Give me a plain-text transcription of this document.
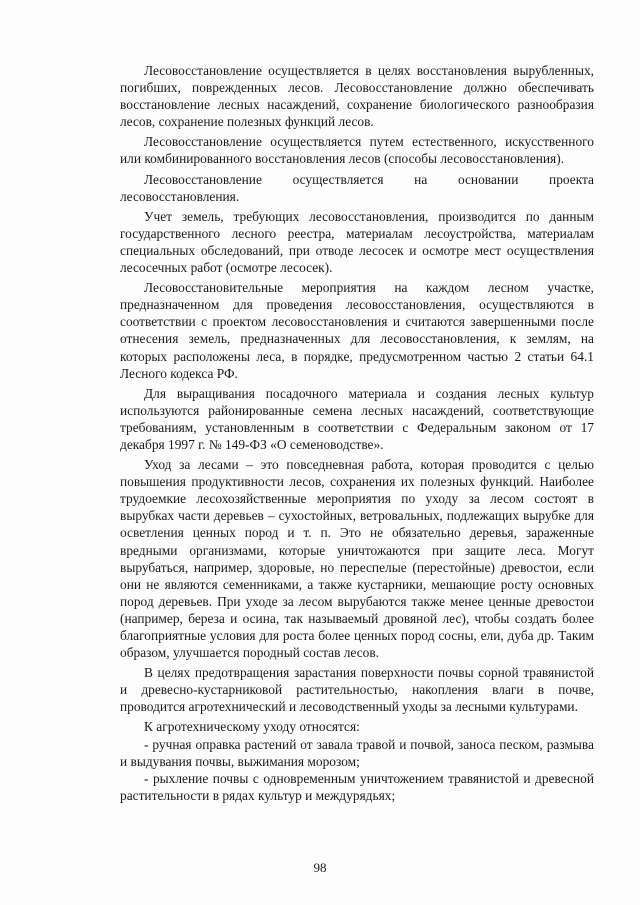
Лесовосстановление осуществляется в целях восстановления вырубленных, погибших, поврежденных лесов. Лесовосстановление должно обеспечивать восстановление лесных насаждений, сохранение биологического разнообразия лесов, сохранение полезных функций лесов.

Лесовосстановление осуществляется путем естественного, искусственного или комбинированного восстановления лесов (способы лесовосстановления).

Лесовосстановление осуществляется на основании проекта лесовосстановления.

Учет земель, требующих лесовосстановления, производится по данным государственного лесного реестра, материалам лесоустройства, материалам специальных обследований, при отводе лесосек и осмотре мест осуществления лесосечных работ (осмотре лесосек).

Лесовосстановительные мероприятия на каждом лесном участке, предназначенном для проведения лесовосстановления, осуществляются в соответствии с проектом лесовосстановления и считаются завершенными после отнесения земель, предназначенных для лесовосстановления, к землям, на которых расположены леса, в порядке, предусмотренном частью 2 статьи 64.1 Лесного кодекса РФ.

Для выращивания посадочного материала и создания лесных культур используются районированные семена лесных насаждений, соответствующие требованиям, установленным в соответствии с Федеральным законом от 17 декабря 1997 г. № 149-ФЗ «О семеноводстве».

Уход за лесами – это повседневная работа, которая проводится с целью повышения продуктивности лесов, сохранения их полезных функций. Наиболее трудоемкие лесохозяйственные мероприятия по уходу за лесом состоят в вырубках части деревьев – сухостойных, ветровальных, подлежащих вырубке для осветления ценных пород и т. п. Это не обязательно деревья, зараженные вредными организмами, которые уничтожаются при защите леса. Могут вырубаться, например, здоровые, но переспелые (перестойные) древостои, если они не являются семенниками, а также кустарники, мешающие росту основных пород деревьев. При уходе за лесом вырубаются также менее ценные древостои (например, береза и осина, так называемый дровяной лес), чтобы создать более благоприятные условия для роста более ценных пород сосны, ели, дуба др. Таким образом, улучшается породный состав лесов.

В целях предотвращения зарастания поверхности почвы сорной травянистой и древесно-кустарниковой растительностью, накопления влаги в почве, проводится агротехнический и лесоводственный уходы за лесными культурами.

К агротехническому уходу относятся:

- ручная оправка растений от завала травой и почвой, заноса песком, размыва и выдувания почвы, выжимания морозом;

- рыхление почвы с одновременным уничтожением травянистой и древесной растительности в рядах культур и междурядьях;

98
